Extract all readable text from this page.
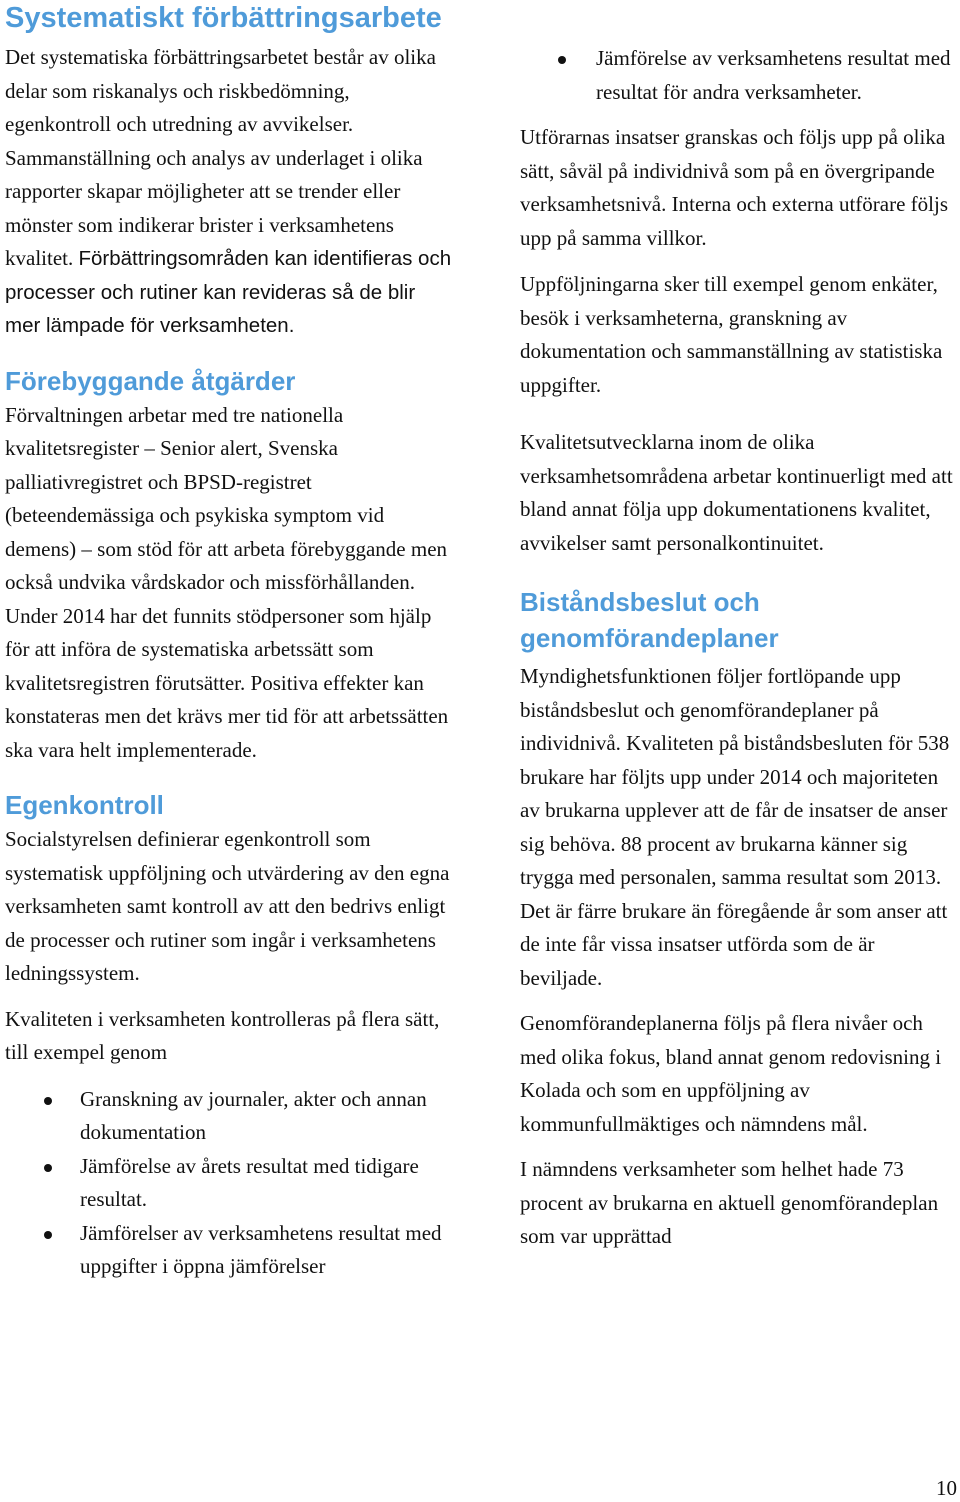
Systematiskt förbättringsarbete

Det systematiska förbättringsarbetet består av olika delar som riskanalys och riskbedömning, egenkontroll och utredning av avvikelser. Sammanställning och analys av underlaget i olika rapporter skapar möjligheter att se trender eller mönster som indikerar brister i verksamhetens kvalitet. Förbättringsområden kan identifieras och processer och rutiner kan revideras så de blir mer lämpade för verksamheten.

Förebyggande åtgärder

Förvaltningen arbetar med tre nationella kvalitetsregister – Senior alert, Svenska palliativregistret och BPSD-registret (beteendemässiga och psykiska symptom vid demens) – som stöd för att arbeta förebyggande men också undvika vårdskador och missförhållanden. Under 2014 har det funnits stödpersoner som hjälp för att införa de systematiska arbetssätt som kvalitetsregistren förutsätter. Positiva effekter kan konstateras men det krävs mer tid för att arbetssätten ska vara helt implementerade.

Egenkontroll

Socialstyrelsen definierar egenkontroll som systematisk uppföljning och utvärdering av den egna verksamheten samt kontroll av att den bedrivs enligt de processer och rutiner som ingår i verksamhetens ledningssystem.

Kvaliteten i verksamheten kontrolleras på flera sätt, till exempel genom

Granskning av journaler, akter och annan dokumentation
Jämförelse av årets resultat med tidigare resultat.
Jämförelser av verksamhetens resultat med uppgifter i öppna jämförelser
Jämförelse av verksamhetens resultat med resultat för andra verksamheter.

Utförarnas insatser granskas och följs upp på olika sätt, såväl på individnivå som på en övergripande verksamhetsnivå. Interna och externa utförare följs upp på samma villkor.

Uppföljningarna sker till exempel genom enkäter, besök i verksamheterna, granskning av dokumentation och sammanställning av statistiska uppgifter.

Kvalitetsutvecklarna inom de olika verksamhetsområdena arbetar kontinuerligt med att bland annat följa upp dokumentationens kvalitet, avvikelser samt personalkontinuitet.

Biståndsbeslut och genomförandeplaner

Myndighetsfunktionen följer fortlöpande upp biståndsbeslut och genomförandeplaner på individnivå. Kvaliteten på biståndsbesluten för 538 brukare har följts upp under 2014 och majoriteten av brukarna upplever att de får de insatser de anser sig behöva. 88 procent av brukarna känner sig trygga med personalen, samma resultat som 2013. Det är färre brukare än föregående år som anser att de inte får vissa insatser utförda som de är beviljade.

Genomförandeplanerna följs på flera nivåer och med olika fokus, bland annat genom redovisning i Kolada och som en uppföljning av kommunfullmäktiges och nämndens mål.

I nämndens verksamheter som helhet hade 73 procent av brukarna en aktuell genomförandeplan som var upprättad

10
